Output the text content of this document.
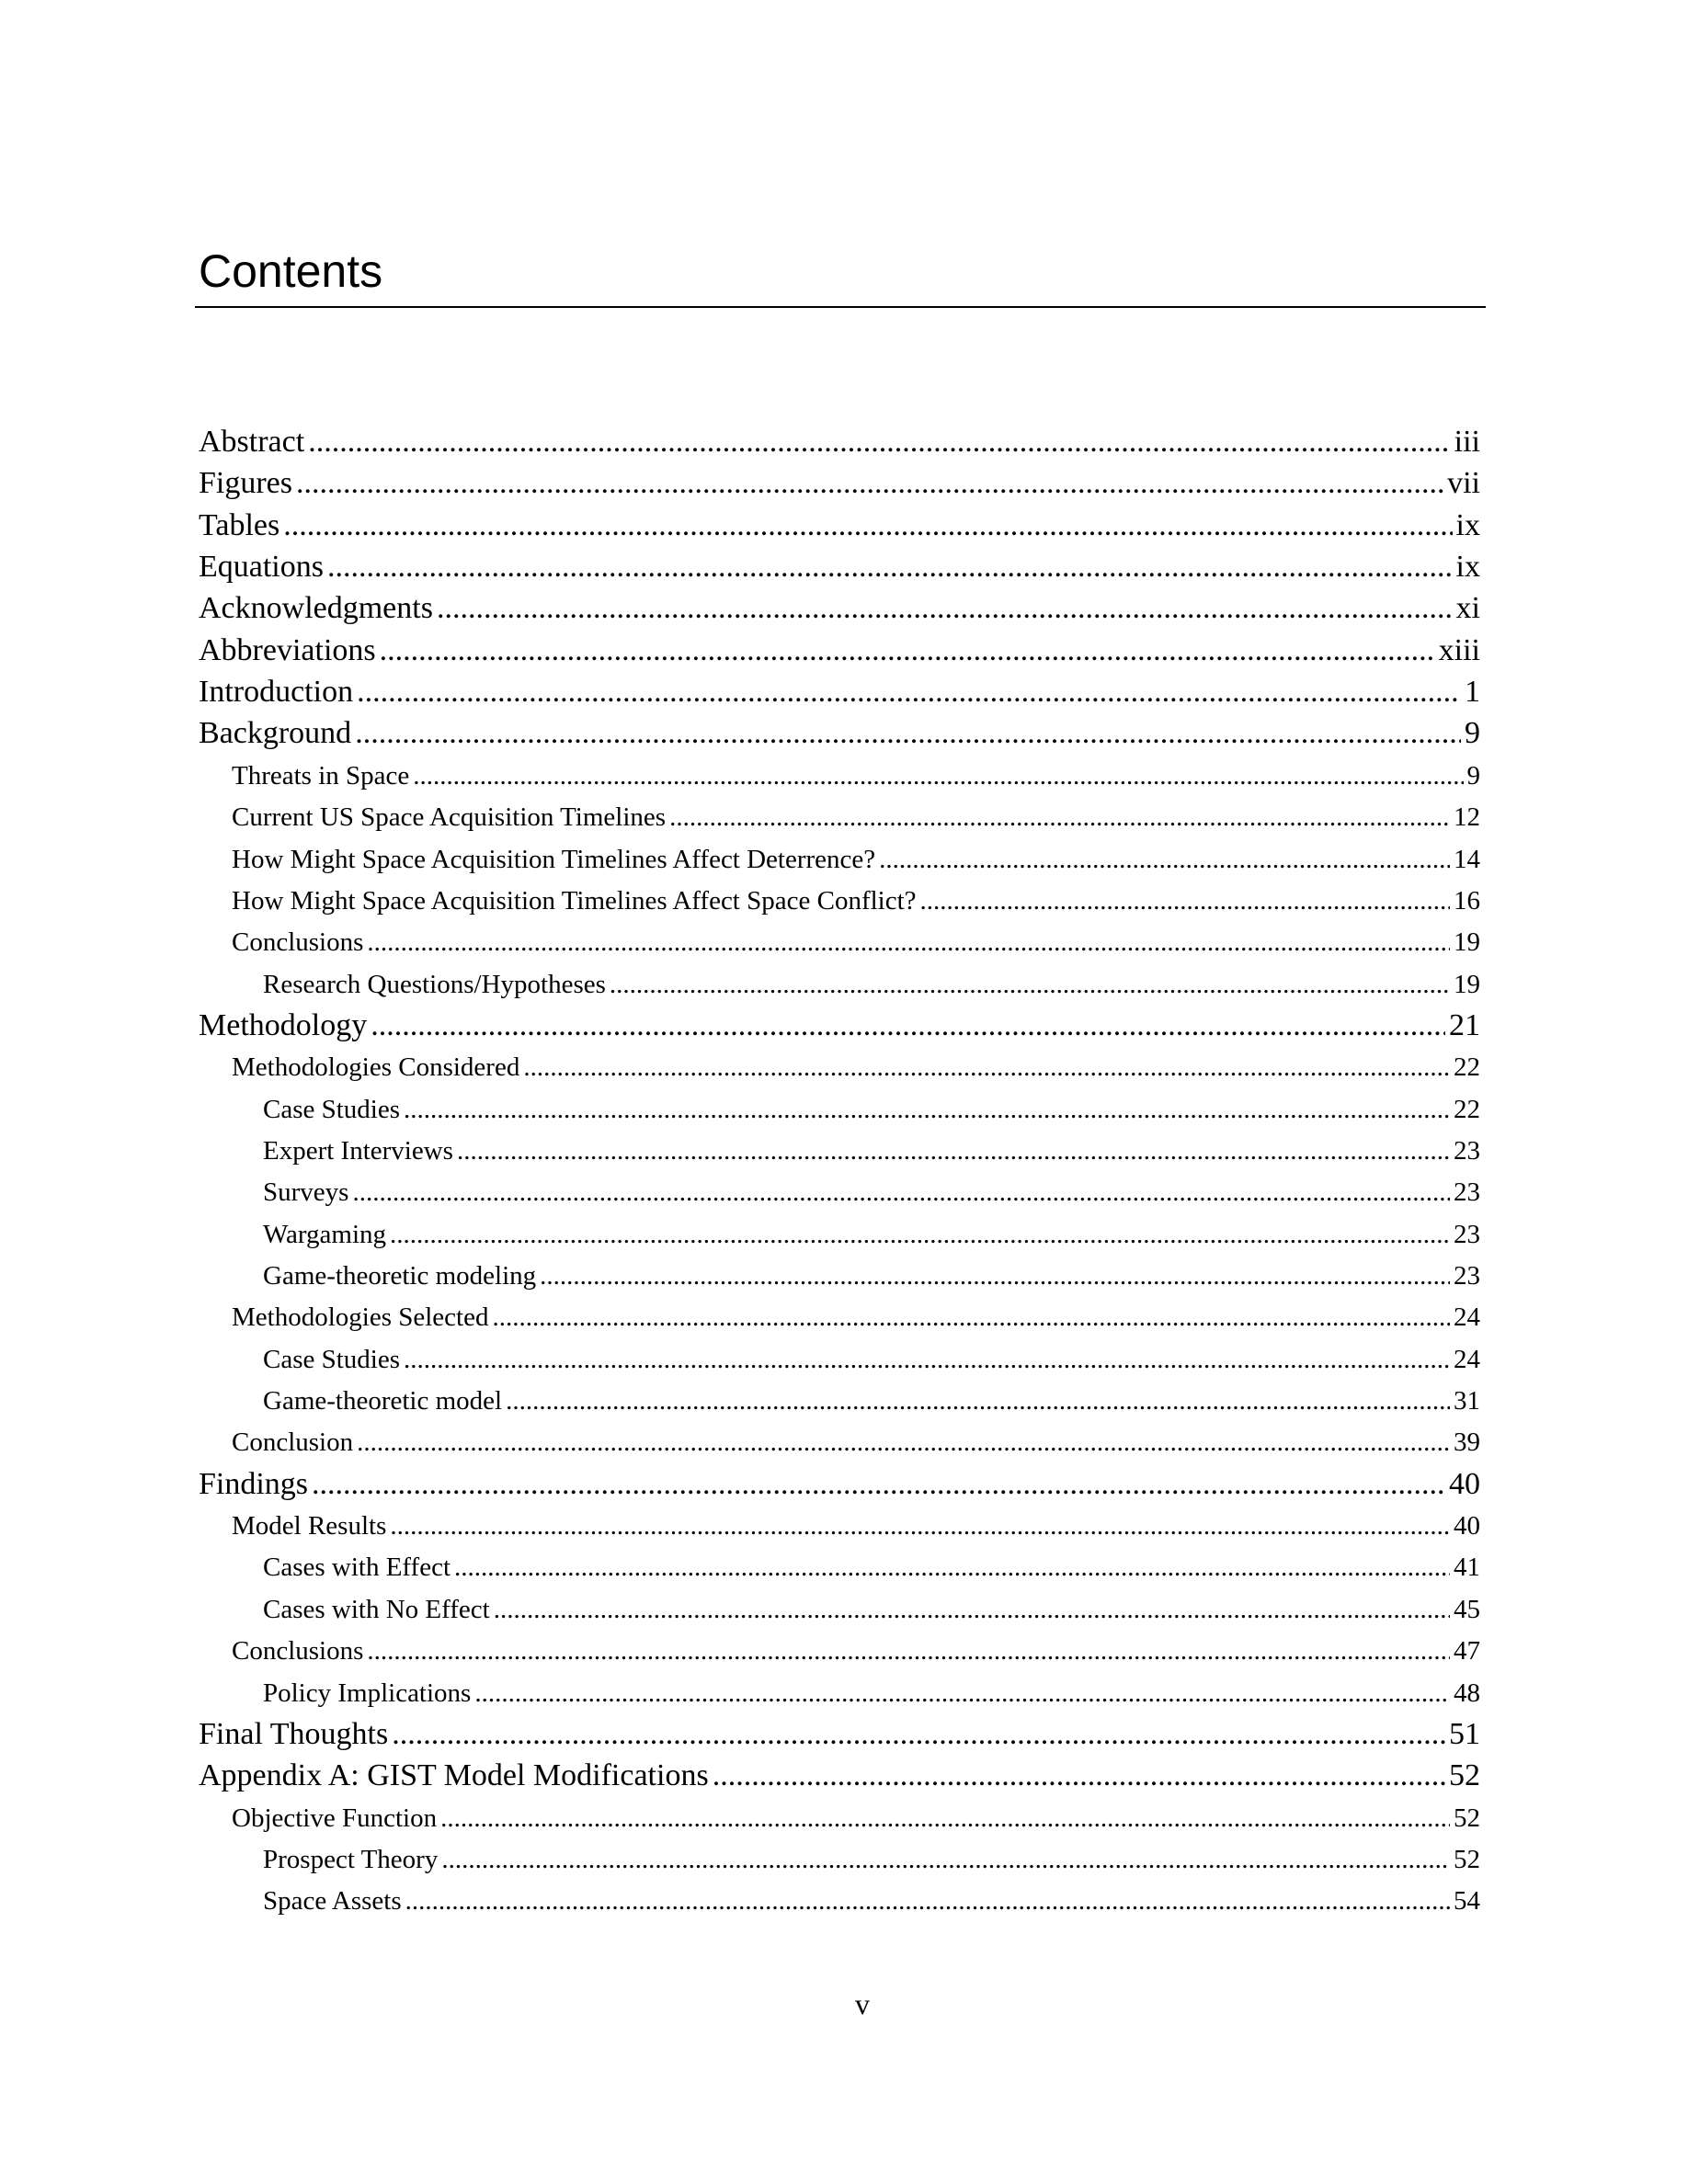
Contents
Abstract .....	iii
Figures .....	vii
Tables .....	ix
Equations .....	ix
Acknowledgments .....	xi
Abbreviations .....	xiii
Introduction .....	1
Background .....	9
Threats in Space .....	9
Current US Space Acquisition Timelines .....	12
How Might Space Acquisition Timelines Affect Deterrence? .....	14
How Might Space Acquisition Timelines Affect Space Conflict? .....	16
Conclusions .....	19
Research Questions/Hypotheses .....	19
Methodology .....	21
Methodologies Considered .....	22
Case Studies .....	22
Expert Interviews .....	23
Surveys .....	23
Wargaming .....	23
Game-theoretic modeling .....	23
Methodologies Selected .....	24
Case Studies .....	24
Game-theoretic model .....	31
Conclusion .....	39
Findings .....	40
Model Results .....	40
Cases with Effect .....	41
Cases with No Effect .....	45
Conclusions .....	47
Policy Implications .....	48
Final Thoughts .....	51
Appendix A: GIST Model Modifications .....	52
Objective Function .....	52
Prospect Theory .....	52
Space Assets .....	54
v
